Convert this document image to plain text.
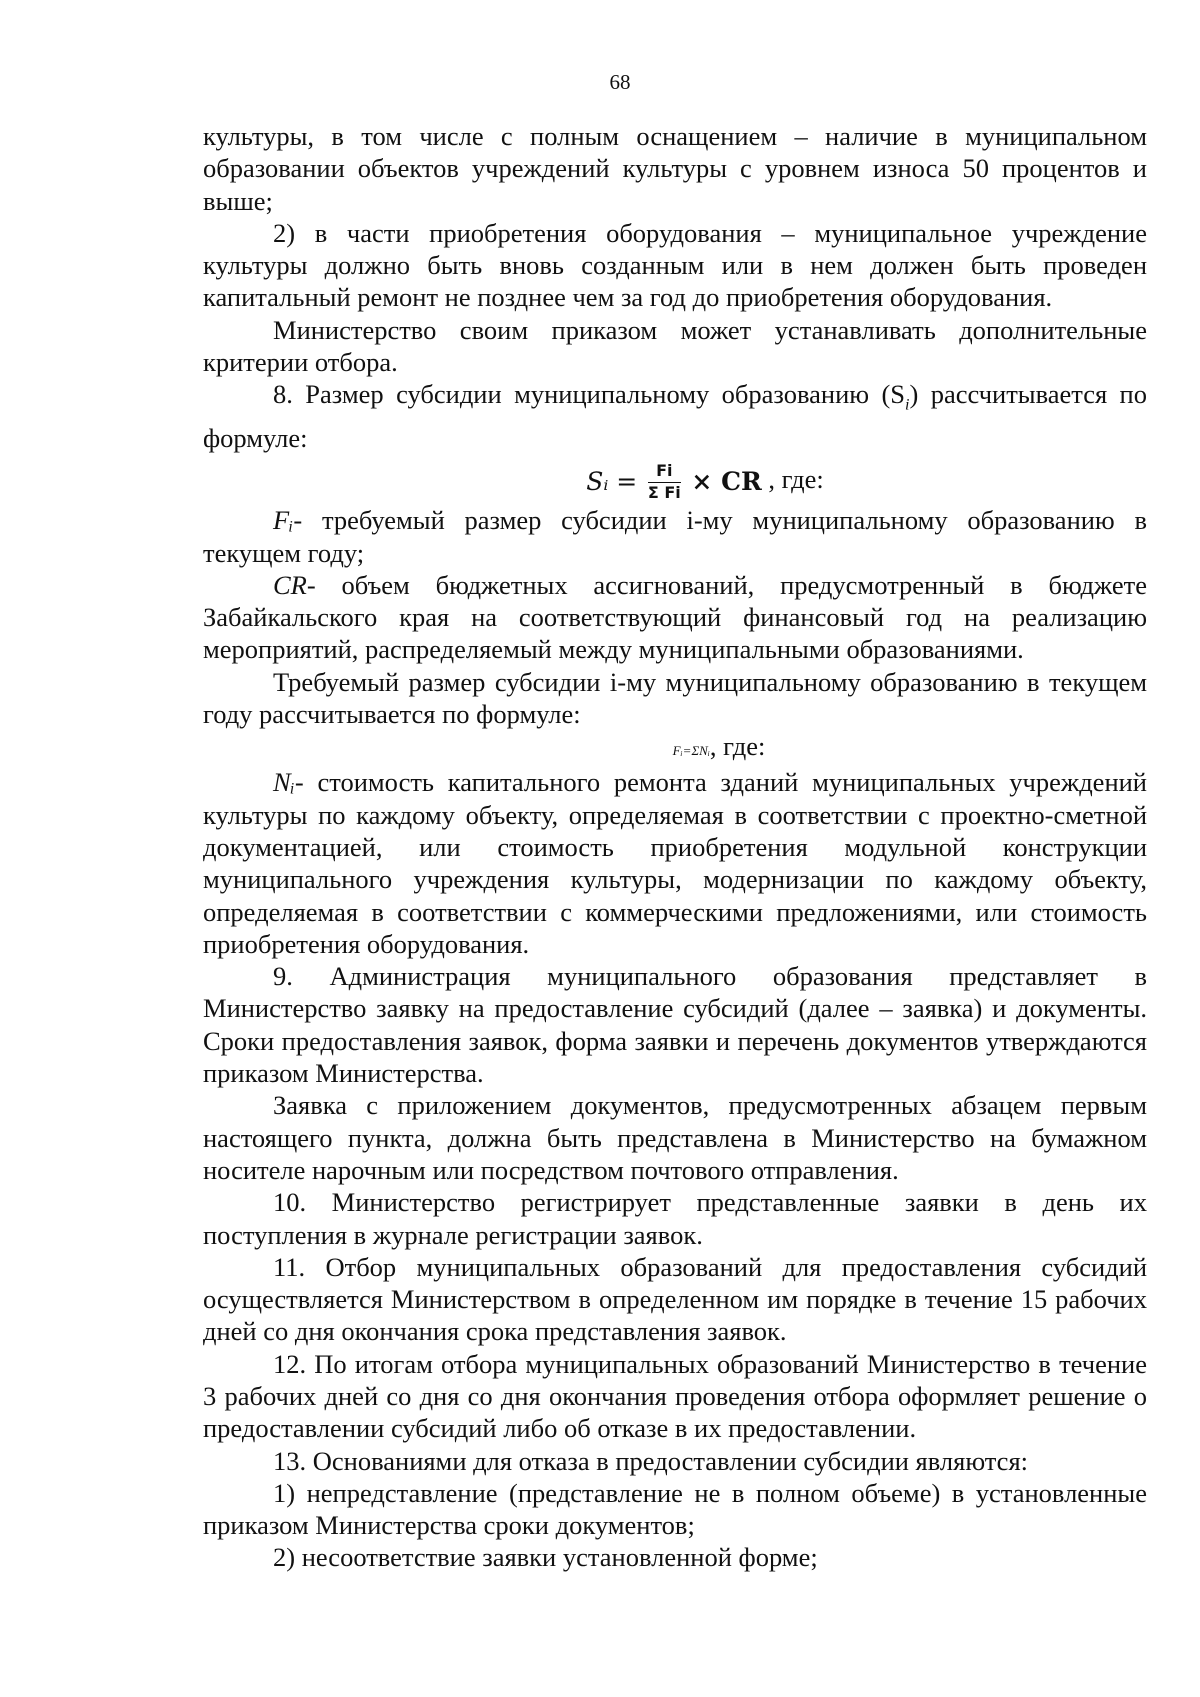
68

культуры, в том числе с полным оснащением – наличие в муниципальном образовании объектов учреждений культуры с уровнем износа 50 процентов и выше;

2) в части приобретения оборудования – муниципальное учреждение культуры должно быть вновь созданным или в нем должен быть проведен капитальный ремонт не позднее чем за год до приобретения оборудования.

Министерство своим приказом может устанавливать дополнительные критерии отбора.

8. Размер субсидии муниципальному образованию $(S_i)$ рассчитывается по формуле:

Sᵢ = $\frac{Fi}{\text{Σ Fi}}$ × CR , где:

Fᵢ- требуемый размер субсидии i-му муниципальному образованию в текущем году;

CR- объем бюджетных ассигнований, предусмотренный в бюджете Забайкальского края на соответствующий финансовый год на реализацию мероприятий, распределяемый между муниципальными образованиями.

Требуемый размер субсидии i-му муниципальному образованию в текущем году рассчитывается по формуле:

Fᵢ=ΣNᵢ, где:

Nᵢ- стоимость капитального ремонта зданий муниципальных учреждений культуры по каждому объекту, определяемая в соответствии с проектно-сметной документацией, или стоимость приобретения модульной конструкции муниципального учреждения культуры, модернизации по каждому объекту, определяемая в соответствии с коммерческими предложениями, или стоимость приобретения оборудования.

9. Администрация муниципального образования представляет в Министерство заявку на предоставление субсидий (далее – заявка) и документы. Сроки предоставления заявок, форма заявки и перечень документов утверждаются приказом Министерства.

Заявка с приложением документов, предусмотренных абзацем первым настоящего пункта, должна быть представлена в Министерство на бумажном носителе нарочным или посредством почтового отправления.

10. Министерство регистрирует представленные заявки в день их поступления в журнале регистрации заявок.

11. Отбор муниципальных образований для предоставления субсидий осуществляется Министерством в определенном им порядке в течение 15 рабочих дней со дня окончания срока представления заявок.

12. По итогам отбора муниципальных образований Министерство в течение 3 рабочих дней со дня со дня окончания проведения отбора оформляет решение о предоставлении субсидий либо об отказе в их предоставлении.

13. Основаниями для отказа в предоставлении субсидии являются:

1) непредставление (представление не в полном объеме) в установленные приказом Министерства сроки документов;

2) несоответствие заявки установленной форме;
